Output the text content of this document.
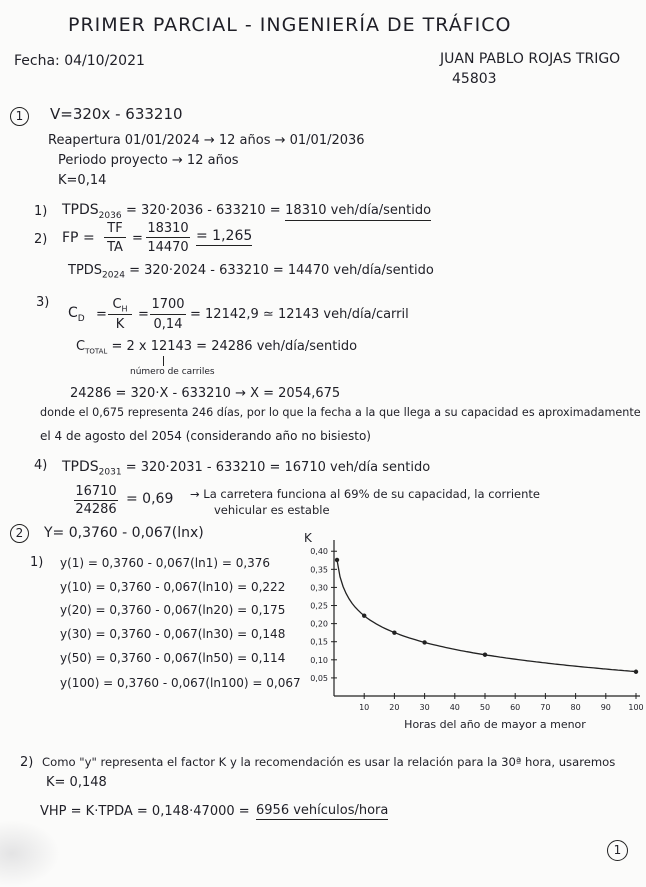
PRIMER PARCIAL - INGENIERÍA DE TRÁFICO
Fecha: 04/10/2021	JUAN PABLO ROJAS TRIGO
45803
1	V=320x - 633210
Reapertura 01/01/2024 → 12 años → 01/01/2036
Periodo proyecto → 12 años
K=0,14
1) $TPDS_{2036} = 320\cdot 2036 - 633210 = 18310$ veh/día/sentido
2) FP =
TF
TA
=
18310
14470
= 1,265
$TPDS_{2024} = 320\cdot 2024 - 633210 = 14470$ veh/día/sentido
3)
$C_D$ =
$C_H$
K
=
1700
0,14
= 12142,9 ≃ 12143 veh/día/carril
$C_{TOTAL} = 2$ x 12143 = 24286 veh/día/sentido
número de carriles
24286 = 320·X - 633210 → X = 2054,675
donde el 0,675 representa 246 días, por lo que la fecha a la que llega a su capacidad es aproximadamente
el 4 de agosto del 2054 (considerando año no bisiesto)
4) $TPDS_{2031} = 320\cdot 2031 - 633210 = 16710$ veh/día sentido
16710
24286
= 0,69 → La carretera funciona al 69% de su capacidad, la corriente
vehicular es estable
2	Y= 0,3760 - 0,067(lnx)
1) y(1) = 0,3760 - 0,067(ln1) = 0,376
y(10) = 0,3760 - 0,067(ln10) = 0,222
y(20) = 0,3760 - 0,067(ln20) = 0,175
y(30) = 0,3760 - 0,067(ln30) = 0,148
y(50) = 0,3760 - 0,067(ln50) = 0,114
y(100) = 0,3760 - 0,067(ln100) = 0,067
K
0,40
0,35
0,30
0,25
0,20
0,15
0,10
0,05
10	20	30	40	50	60	70	80	90 100
Horas del año de mayor a menor
2) Como "y" representa el factor K y la recomendación es usar la relación para la 30ª hora, usaremos
K= 0,148
VHP = K·TPDA = 0,148·47000 = 6956 vehículos/hora
1
